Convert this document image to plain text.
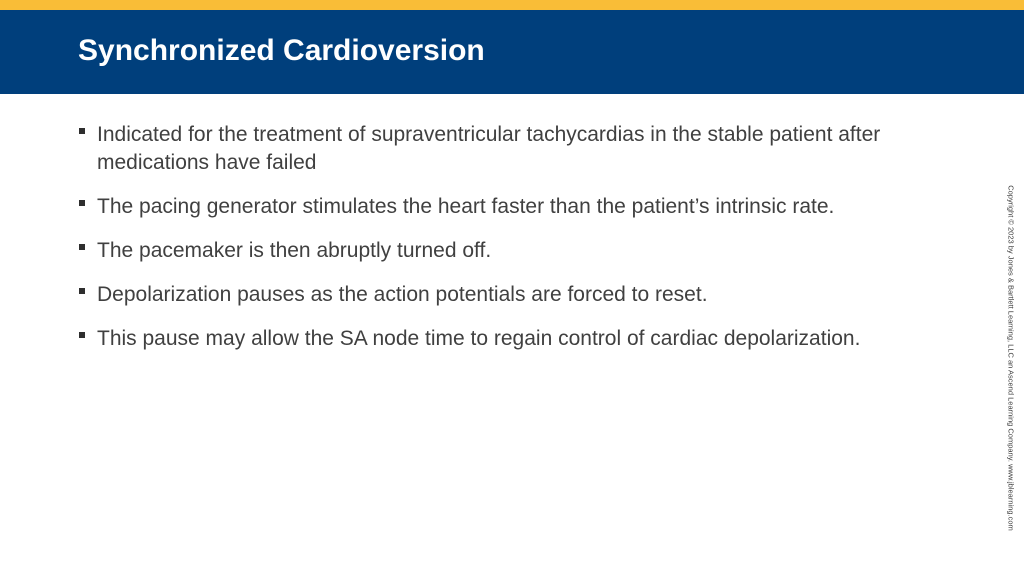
Synchronized Cardioversion
Indicated for the treatment of supraventricular tachycardias in the stable patient after medications have failed
The pacing generator stimulates the heart faster than the patient’s intrinsic rate.
The pacemaker is then abruptly turned off.
Depolarization pauses as the action potentials are forced to reset.
This pause may allow the SA node time to regain control of cardiac depolarization.	Copyright © 2023 by Jones & Bartlett Learning, LLC an Ascend Learning Company. www.jblearning.com
